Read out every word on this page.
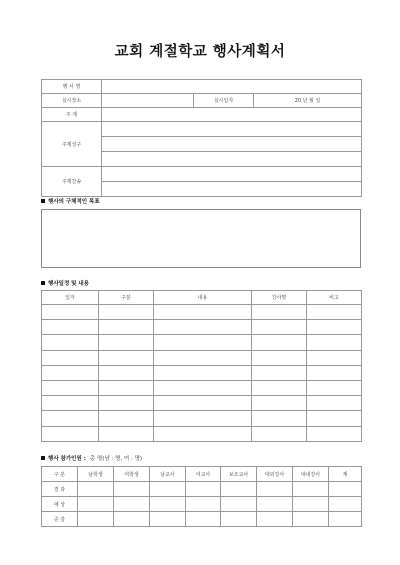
교회 계절학교 행사계획서
행 사 명			
실시장소		실시일자	20 년 월 일
주 제			
주제성구			

주제찬송			

행사의 구체적인 목표
행사일정 및 내용
일자	구분	내용	강사명	비고

행사 참가인원 : 총 명(남 : 명, 여 : 명)
구 분	남학생	여학생	남교사	여교사	보조교사	대외강사	대내강사	계
결 과								
예 상								
증 감								
